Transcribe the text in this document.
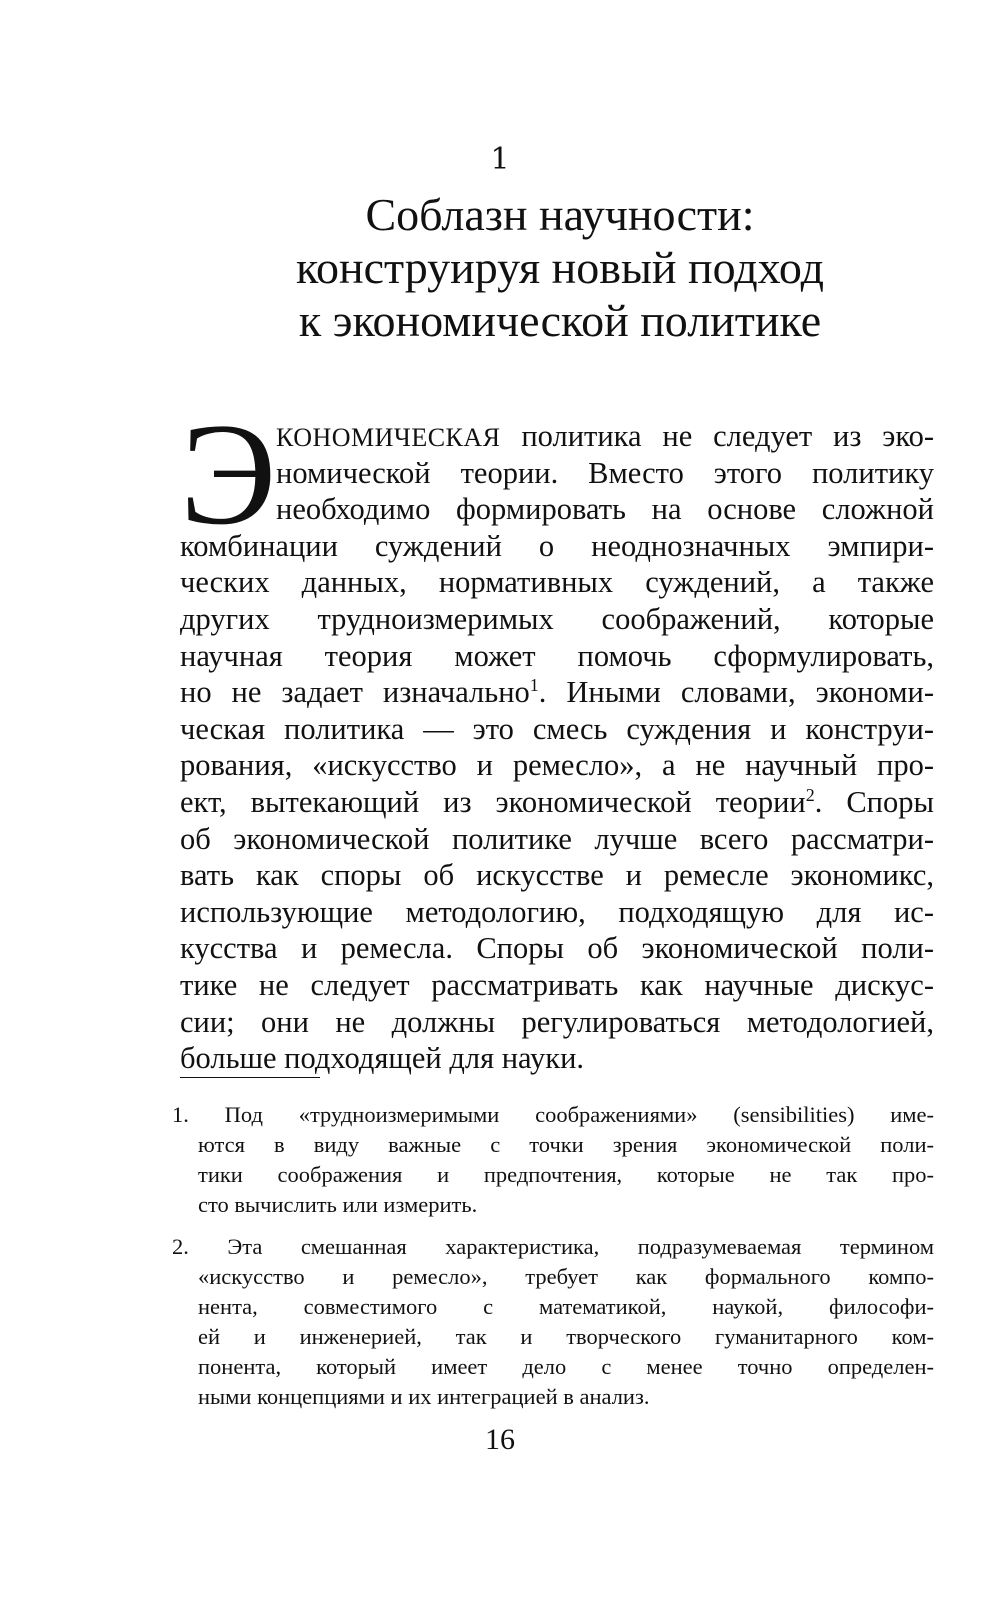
1
Соблазн научности:
конструируя новый подход
к экономической политике
Э КОНОМИЧЕСКАЯ политика не следует из эко-
номической теории. Вместо этого политику
необходимо формировать на основе сложной
комбинации суждений о неоднозначных эмпири-
ческих данных, нормативных суждений, а также
других трудноизмеримых соображений, которые
научная теория может помочь сформулировать,
но не задает изначально$^1$. Иными словами, экономи-
ческая политика — это смесь суждения и конструи-
рования, «искусство и ремесло», а не научный про-
ект, вытекающий из экономической теории$^2$. Споры
об экономической политике лучше всего рассматри-
вать как споры об искусстве и ремесле экономикс,
использующие методологию, подходящую для ис-
кусства и ремесла. Споры об экономической поли-
тике не следует рассматривать как научные дискус-
сии; они не должны регулироваться методологией,
больше подходящей для науки.
1. Под «трудноизмеримыми соображениями» (sensibilities) име-
ются в виду важные с точки зрения экономической поли-
тики соображения и предпочтения, которые не так про-
сто вычислить или измерить.
2. Эта смешанная характеристика, подразумеваемая термином
«искусство и ремесло», требует как формального компо-
нента, совместимого с математикой, наукой, философи-
ей и инженерией, так и творческого гуманитарного ком-
понента, который имеет дело с менее точно определен-
ными концепциями и их интеграцией в анализ.
16
